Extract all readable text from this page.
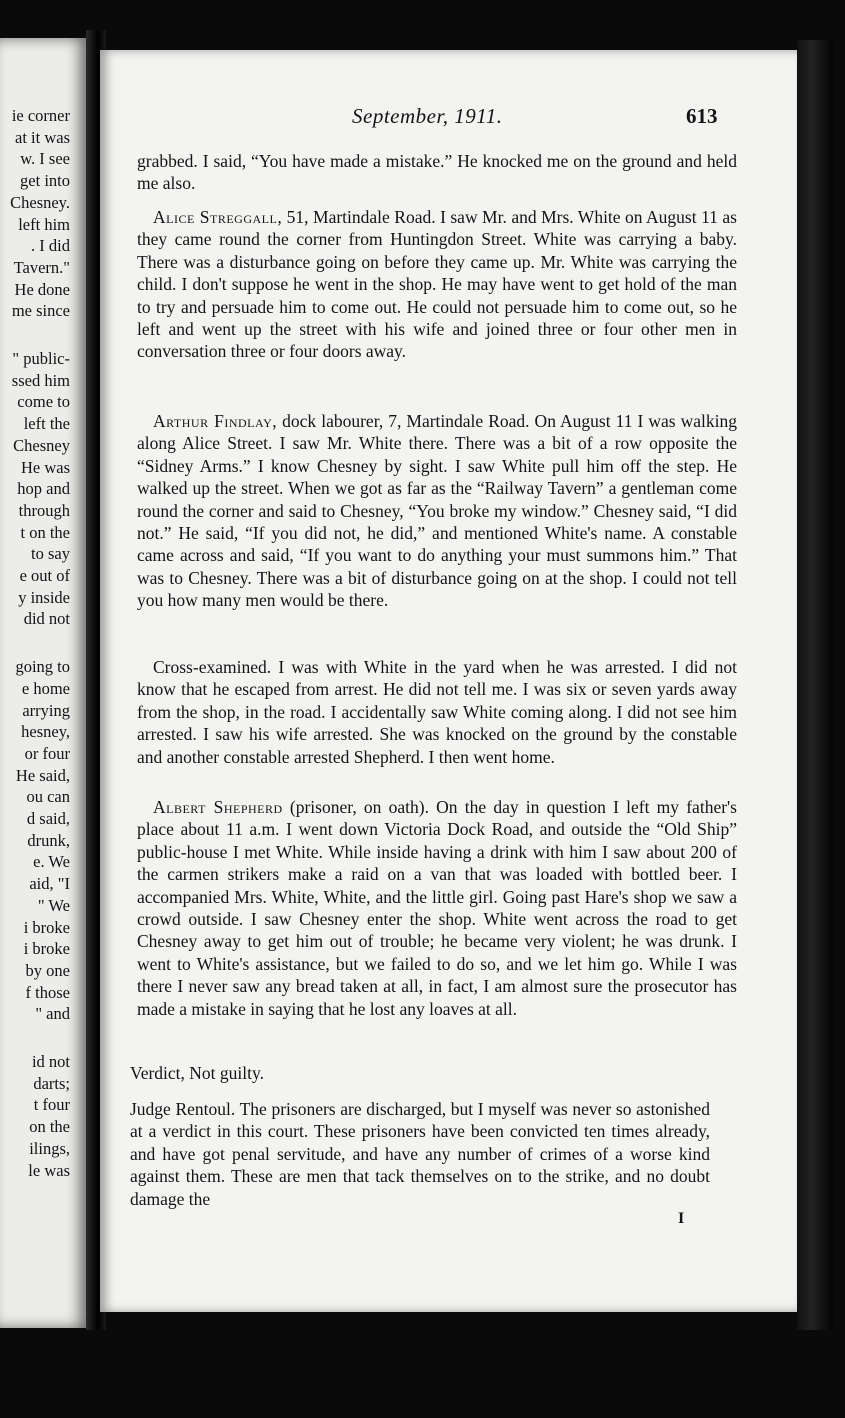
ie corner
at it was
w. I see
get into
Chesney.
left him
. I did
Tavern."
He done
me since
" public-
ssed him
come to
left the
Chesney
He was
hop and
through
t on the
to say
e out of
y inside
did not
going to
e home
arrying
hesney,
or four
He said,
ou can
d said,
drunk,
e. We
aid, "I
" We
i broke
i broke
by one
f those
" and
id not
darts;
t four
on the
ilings,
le was
September, 1911.	613

grabbed. I said, “You have made a mistake.” He knocked me on the ground and held me also.

Alice Streggall, 51, Martindale Road. I saw Mr. and Mrs. White on August 11 as they came round the corner from Huntingdon Street. White was carrying a baby. There was a disturbance going on before they came up. Mr. White was carrying the child. I don't suppose he went in the shop. He may have went to get hold of the man to try and persuade him to come out. He could not persuade him to come out, so he left and went up the street with his wife and joined three or four other men in conversation three or four doors away.

Arthur Findlay, dock labourer, 7, Martindale Road. On August 11 I was walking along Alice Street. I saw Mr. White there. There was a bit of a row opposite the “Sidney Arms.” I know Chesney by sight. I saw White pull him off the step. He walked up the street. When we got as far as the “Railway Tavern” a gentleman come round the corner and said to Chesney, “You broke my window.” Chesney said, “I did not.” He said, “If you did not, he did,” and mentioned White's name. A constable came across and said, “If you want to do anything your must summons him.” That was to Chesney. There was a bit of disturbance going on at the shop. I could not tell you how many men would be there.

Cross-examined. I was with White in the yard when he was arrested. I did not know that he escaped from arrest. He did not tell me. I was six or seven yards away from the shop, in the road. I accidentally saw White coming along. I did not see him arrested. I saw his wife arrested. She was knocked on the ground by the constable and another constable arrested Shepherd. I then went home.

Albert Shepherd (prisoner, on oath). On the day in question I left my father's place about 11 a.m. I went down Victoria Dock Road, and outside the “Old Ship” public-house I met White. While inside having a drink with him I saw about 200 of the carmen strikers make a raid on a van that was loaded with bottled beer. I accompanied Mrs. White, White, and the little girl. Going past Hare's shop we saw a crowd outside. I saw Chesney enter the shop. White went across the road to get Chesney away to get him out of trouble; he became very violent; he was drunk. I went to White's assistance, but we failed to do so, and we let him go. While I was there I never saw any bread taken at all, in fact, I am almost sure the prosecutor has made a mistake in saying that he lost any loaves at all.

Verdict, Not guilty.

Judge Rentoul. The prisoners are discharged, but I myself was never so astonished at a verdict in this court. These prisoners have been convicted ten times already, and have got penal servitude, and have any number of crimes of a worse kind against them. These are men that tack themselves on to the strike, and no doubt damage the

I
